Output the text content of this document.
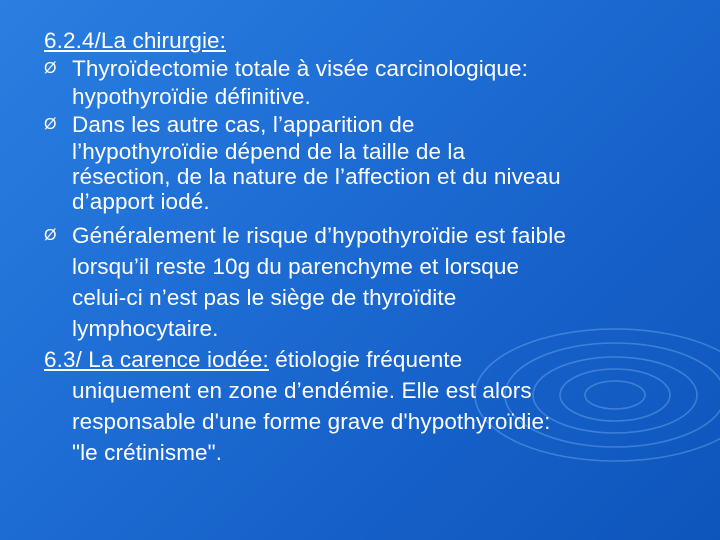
6.2.4/La chirurgie:
Ø Thyroïdectomie totale à visée carcinologique:
hypothyroïdie définitive.
Ø Dans les autre cas, l’apparition de
l’hypothyroïdie dépend de la taille de la
résection, de la nature de l’affection et du niveau
d’apport iodé.
Ø Généralement le risque d’hypothyroïdie est faible
lorsqu’il reste 10g du parenchyme et lorsque
celui-ci n’est pas le siège de thyroïdite
lymphocytaire.
6.3/ La carence iodée: étiologie fréquente
uniquement en zone d’endémie. Elle est alors
responsable d'une forme grave d'hypothyroïdie:
"le crétinisme".
